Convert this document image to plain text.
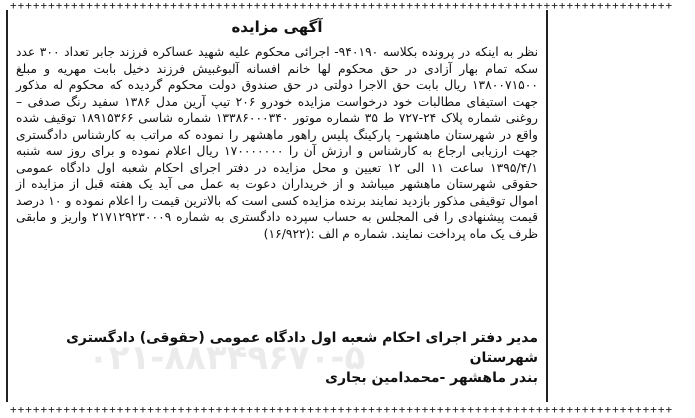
+++++++++++++++++++++++++++++++++++++++++++++++++++++++++++++++++++++++++++++++++++++++
آگهی مزایده
نظر به اینکه در پرونده بکلاسه ۹۴۰۱۹۰- اجرائی محکوم علیه شهید عساکره فرزند جابر تعداد ۳۰۰ عدد سکه تمام بهار آزادی در حق محکوم لها خانم افسانه آلبوغبیش فرزند دخیل بابت مهریه و مبلغ ۱۳۸۰۰۷۱۵۰۰ ریال بابت حق الاجرا دولتی در حق صندوق دولت محکوم گردیده که محکوم له مذکور جهت استیفای مطالبات خود درخواست مزایده خودرو ۲۰۶ تیپ آرین مدل ۱۳۸۶ سفید رنگ صدفی –روغنی شماره پلاک ۲۴-۷۲۷ ط ۳۵ شماره موتور ۱۳۳۸۶۰۰۰۳۴۰ شماره شاسی ۱۸۹۱۵۳۶۶ توقیف شده واقع در شهرستان ماهشهر- پارکینگ پلیس راهور ماهشهر را نموده که مراتب به کارشناس دادگستری جهت ارزیابی ارجاع به کارشناس و ارزش آن را ۱۷۰۰۰۰۰۰۰ ریال اعلام نموده و برای روز سه شنبه ۱۳۹۵/۴/۱ ساعت ۱۱ الی ۱۲ تعیین و محل مزایده در دفتر اجرای احکام شعبه اول دادگاه عمومی حقوقی شهرستان ماهشهر میباشد و از خریداران دعوت به عمل می آید یک هفته قبل از مزایده از اموال توقیفی مذکور بازدید نمایند برنده مزایده کسی است که بالاترین قیمت را اعلام نموده و ۱۰ درصد قیمت پیشنهادی را فی المجلس به حساب سپرده دادگستری به شماره ۲۱۷۱۲۹۲۳۰۰۰۹ واریز و مابقی ظرف یک ماه پرداخت نمایند. شماره م الف :(۱۶/۹۲۲)
۰۲۱-۸۸۳۴۹۶۷۰-۵
مدیر دفتر اجرای احکام شعبه اول دادگاه عمومی (حقوقی) دادگستری شهرستان
بندر ماهشهر -محمدامین بجاری
+++++++++++++++++++++++++++++++++++++++++++++++++++++++++++++++++++++++++++++++++++++++
